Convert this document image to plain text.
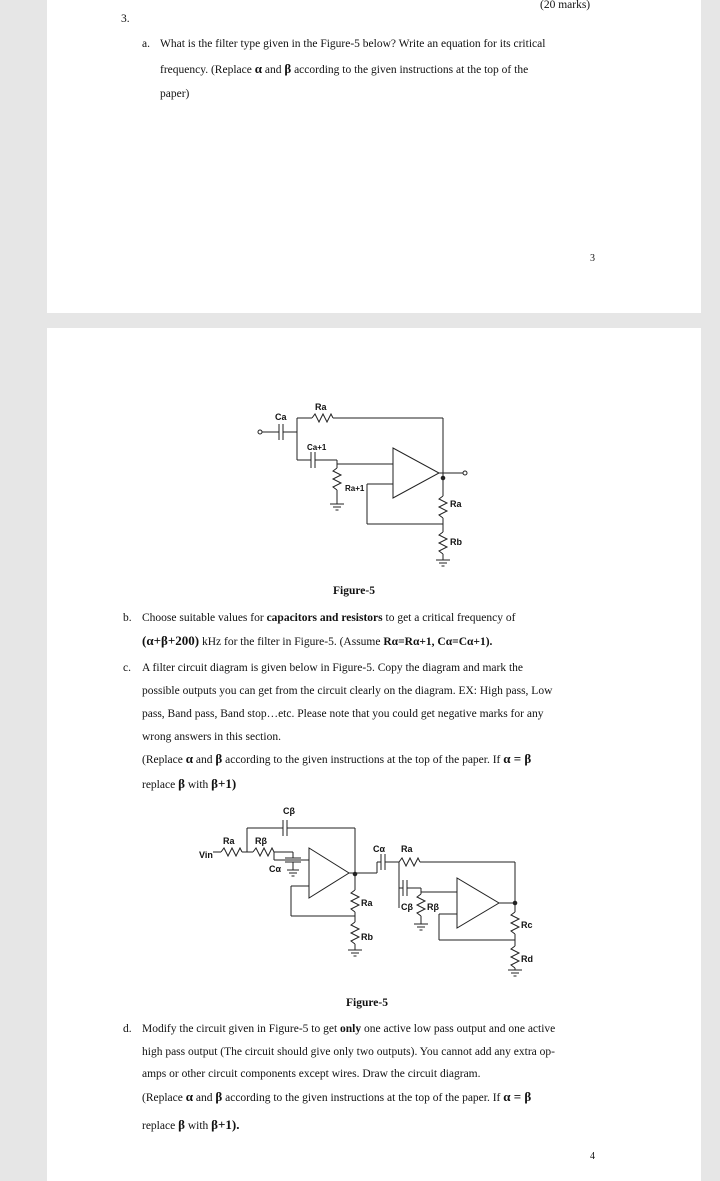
(20 marks)
3.
a. What is the filter type given in the Figure-5 below? Write an equation for its critical
frequency. (Replace α and β according to the given instructions at the top of the
paper)
3
Ra
Ca
Ca+1
Ra+1
Ra
Rb
Figure-5
b. Choose suitable values for capacitors and resistors to get a critical frequency of
(α+β+200) kHz for the filter in Figure-5. (Assume Rα=Rα+1, Cα=Cα+1).
c. A filter circuit diagram is given below in Figure-5. Copy the diagram and mark the
possible outputs you can get from the circuit clearly on the diagram. EX: High pass, Low
pass, Band pass, Band stop…etc. Please note that you could get negative marks for any
wrong answers in this section.
(Replace α and β according to the given instructions at the top of the paper. If α = β
replace β with β+1)
Vin
Ra Rβ
Cβ
Cα
Ra
Rb
Cα Ra
Cβ Rβ
Rc
Rd
Figure-5
d. Modify the circuit given in Figure-5 to get only one active low pass output and one active
high pass output (The circuit should give only two outputs). You cannot add any extra op-
amps or other circuit components except wires. Draw the circuit diagram.
(Replace α and β according to the given instructions at the top of the paper. If α = β
replace β with β+1).
4
